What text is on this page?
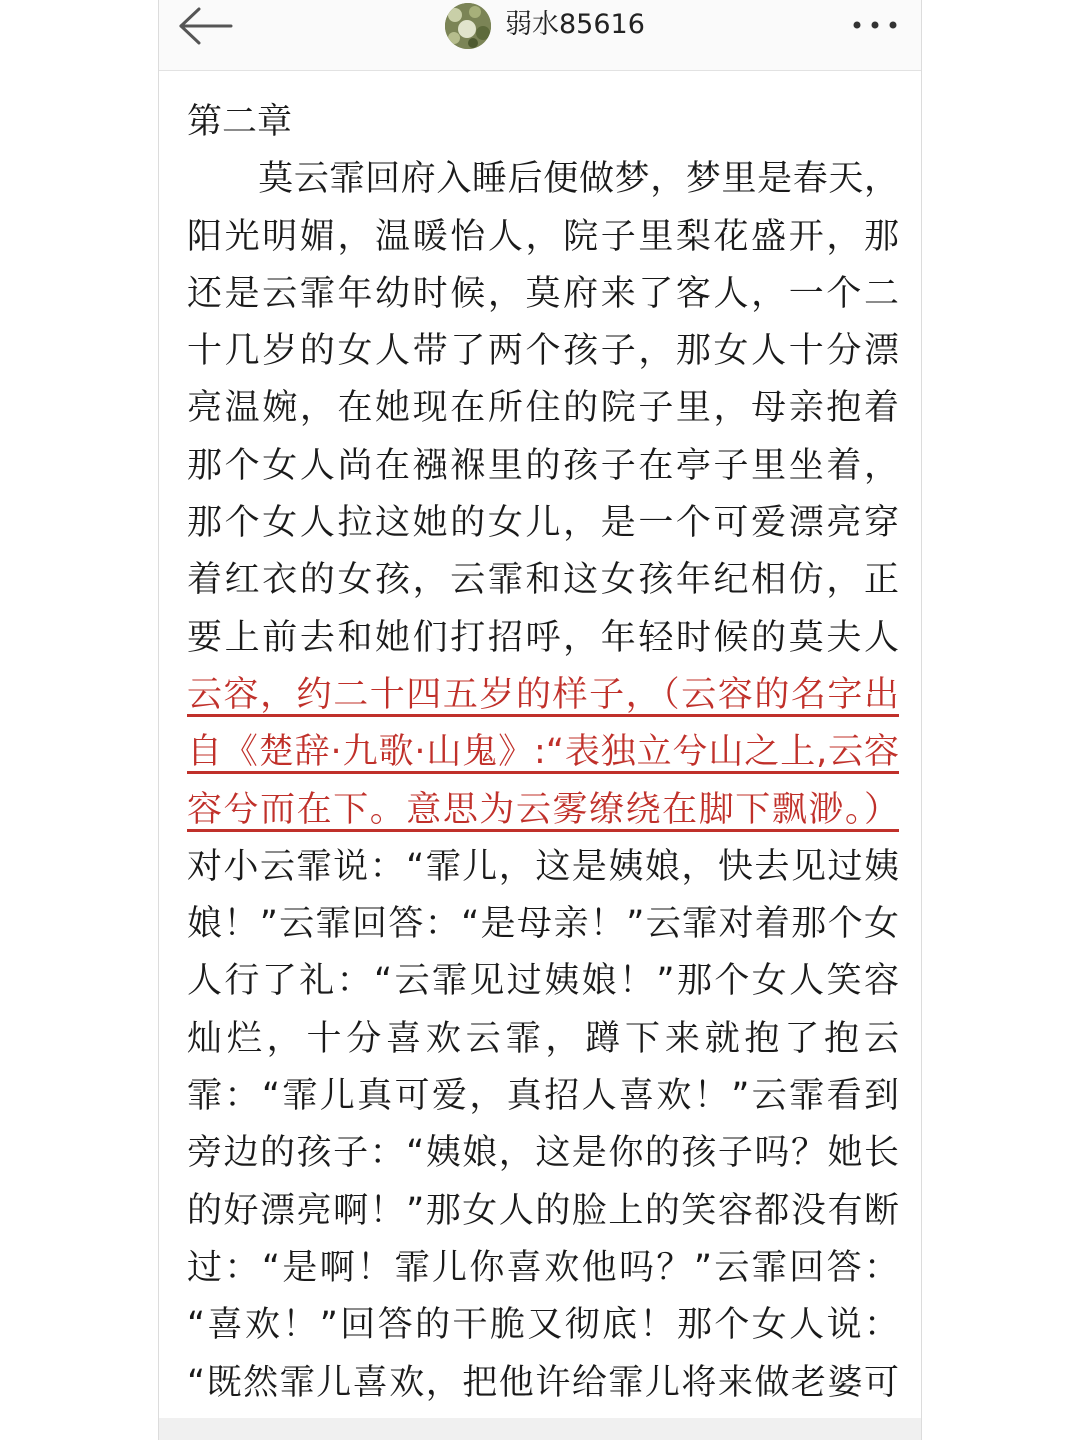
弱水85616
第二章
　　莫云霏回府入睡后便做梦，梦里是春天，
阳光明媚，温暖怡人，院子里梨花盛开，那
还是云霏年幼时候，莫府来了客人，一个二
十几岁的女人带了两个孩子，那女人十分漂
亮温婉，在她现在所住的院子里，母亲抱着
那个女人尚在襁褓里的孩子在亭子里坐着，
那个女人拉这她的女儿，是一个可爱漂亮穿
着红衣的女孩，云霏和这女孩年纪相仿，正
要上前去和她们打招呼，年轻时候的莫夫人
云容，约二十四五岁的样子，（云容的名字出
自《楚辞·九歌·山鬼》:“表独立兮山之上,云容
容兮而在下。意思为云雾缭绕在脚下飘渺。）
对小云霏说：“霏儿，这是姨娘，快去见过姨
娘！”云霏回答：“是母亲！”云霏对着那个女
人行了礼：“云霏见过姨娘！”那个女人笑容
灿烂，十分喜欢云霏，蹲下来就抱了抱云
霏：“霏儿真可爱，真招人喜欢！”云霏看到
旁边的孩子：“姨娘，这是你的孩子吗？她长
的好漂亮啊！”那女人的脸上的笑容都没有断
过：“是啊！霏儿你喜欢他吗？”云霏回答：
“喜欢！”回答的干脆又彻底！那个女人说：
“既然霏儿喜欢，把他许给霏儿将来做老婆可
